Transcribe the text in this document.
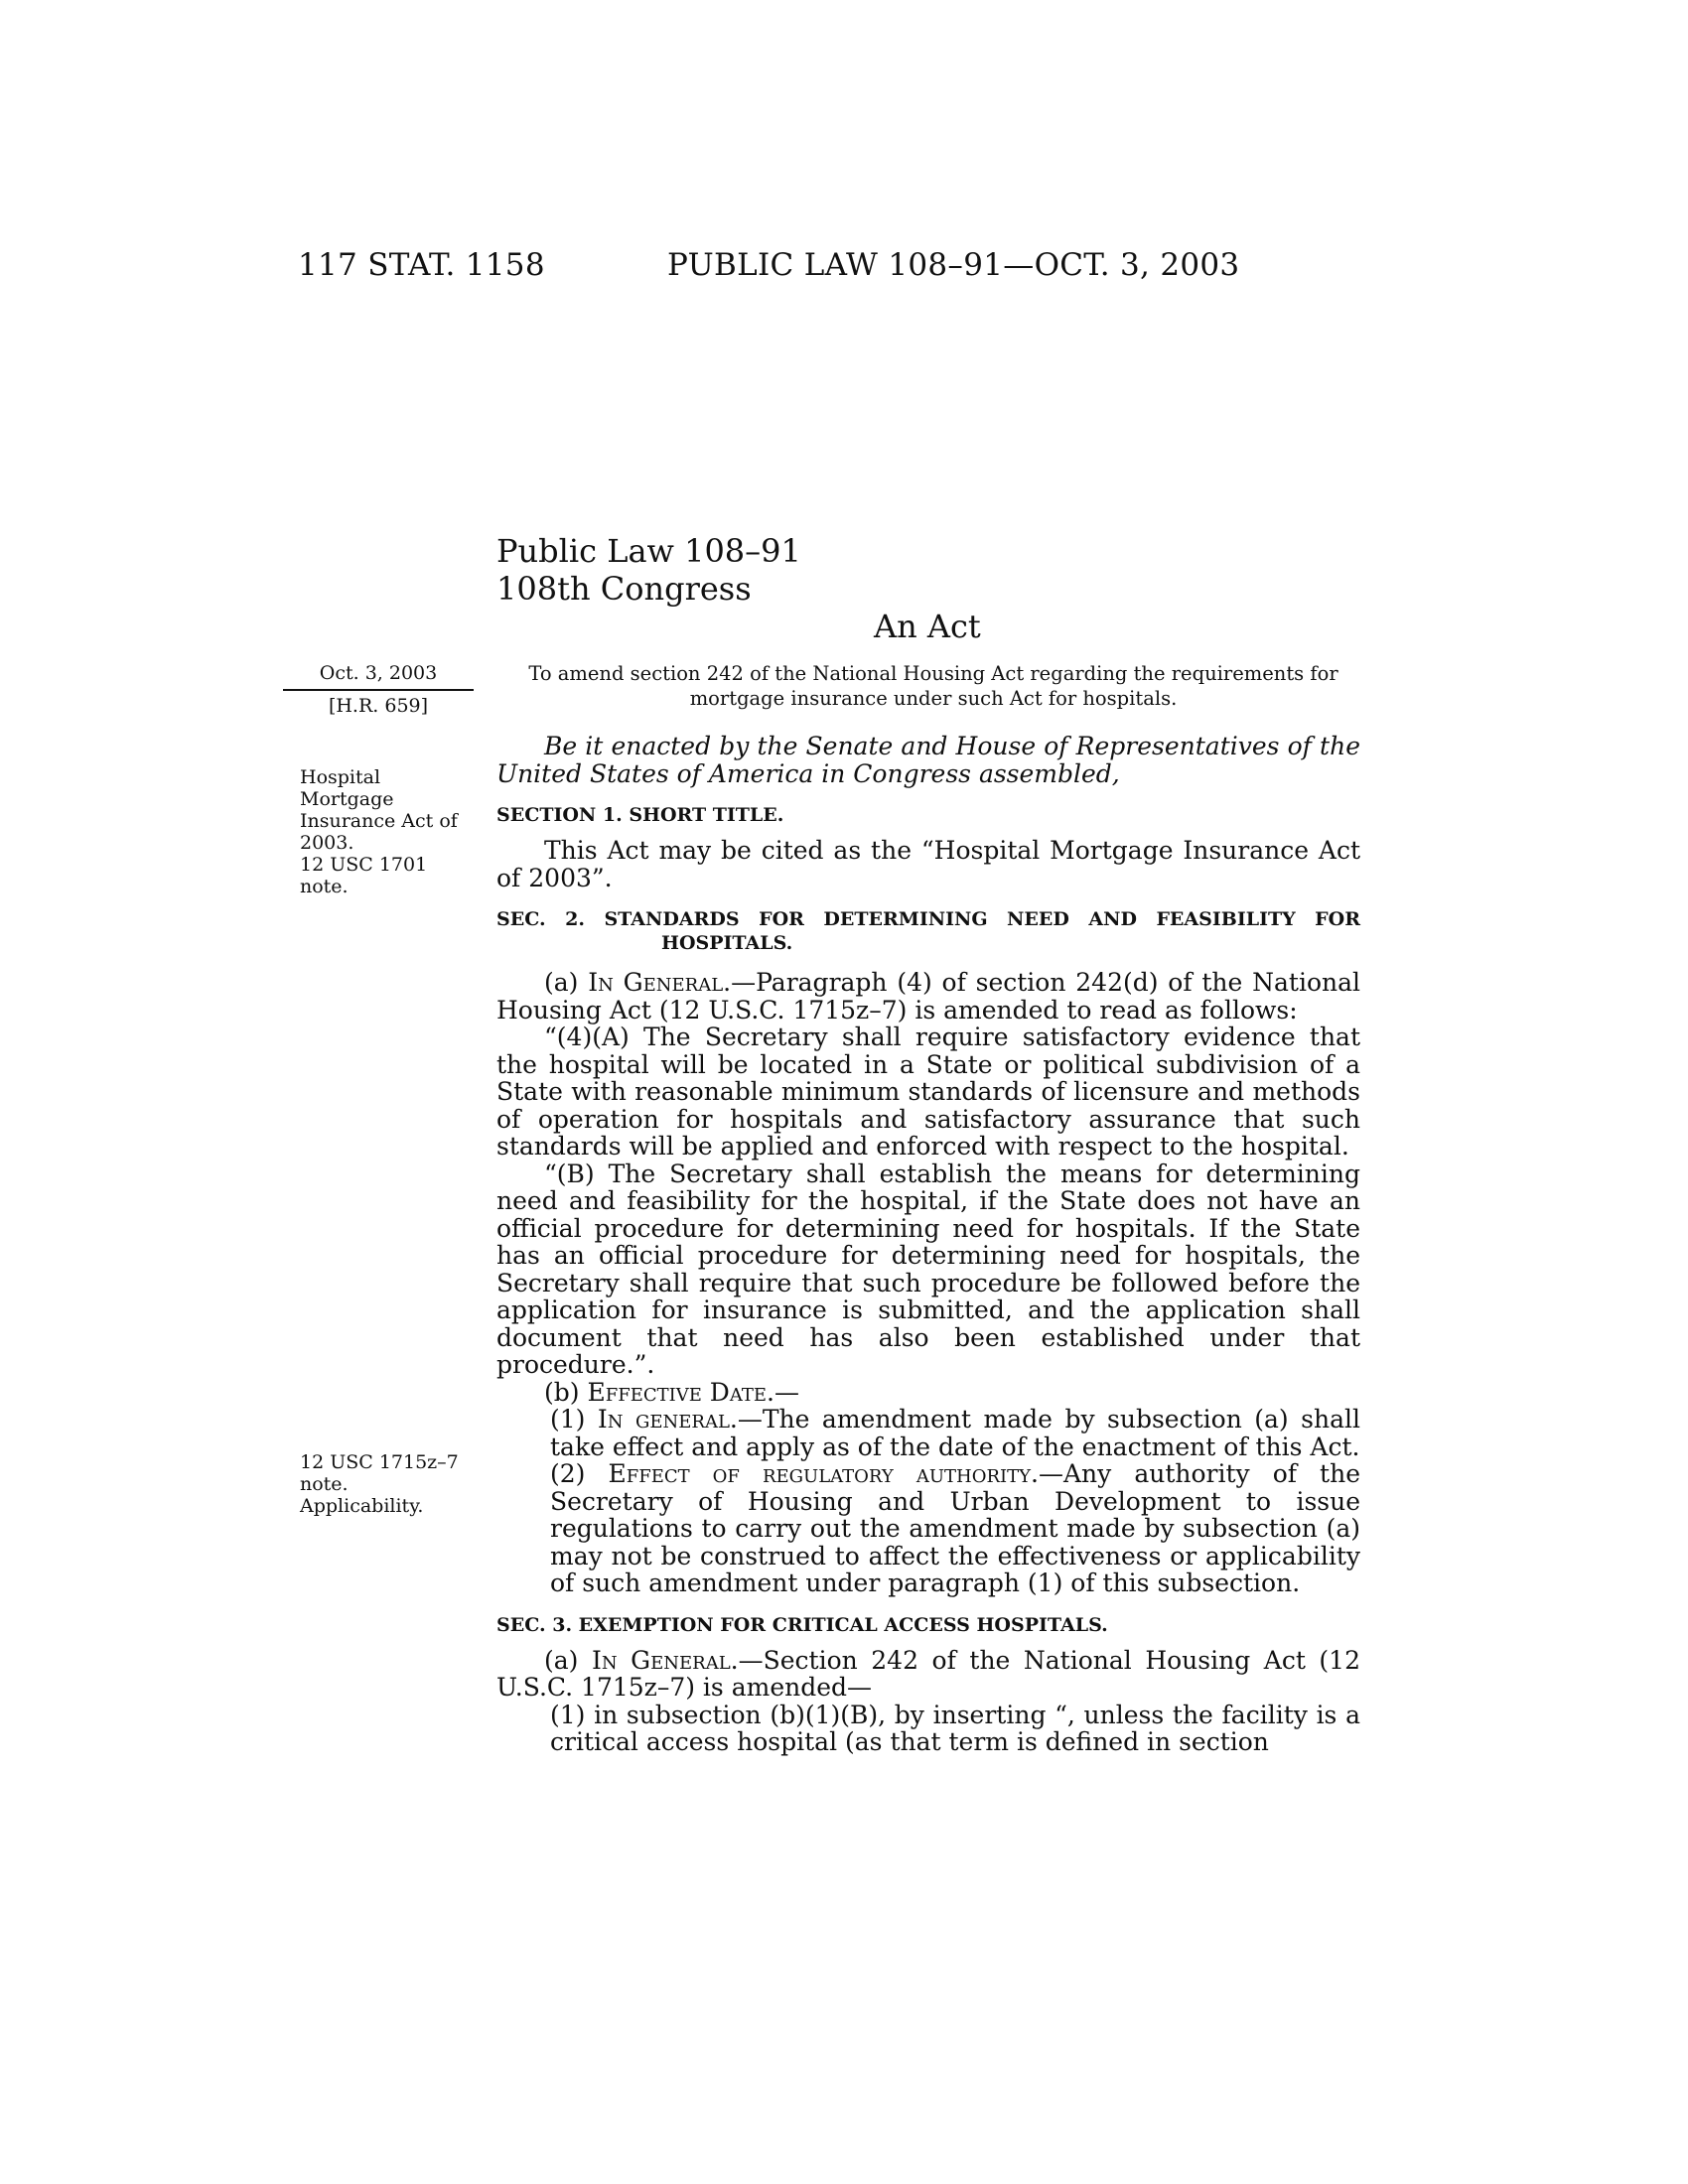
117 STAT. 1158	PUBLIC LAW 108–91—OCT. 3, 2003
Public Law 108–91
108th Congress
An Act
Oct. 3, 2003
[H.R. 659]
To amend section 242 of the National Housing Act regarding the requirements for mortgage insurance under such Act for hospitals.
Hospital
Mortgage
Insurance Act of
2003.
12 USC 1701
note.
12 USC 1715z–7
note.
Applicability.

Be it enacted by the Senate and House of Representatives of the United States of America in Congress assembled,

SECTION 1. SHORT TITLE.

This Act may be cited as the “Hospital Mortgage Insurance Act of 2003”.

SEC. 2. STANDARDS FOR DETERMINING NEED AND FEASIBILITY FOR HOSPITALS.

(a) In General.—Paragraph (4) of section 242(d) of the National Housing Act (12 U.S.C. 1715z–7) is amended to read as follows:

“(4)(A) The Secretary shall require satisfactory evidence that the hospital will be located in a State or political subdivision of a State with reasonable minimum standards of licensure and methods of operation for hospitals and satisfactory assurance that such standards will be applied and enforced with respect to the hospital.

“(B) The Secretary shall establish the means for determining need and feasibility for the hospital, if the State does not have an official procedure for determining need for hospitals. If the State has an official procedure for determining need for hospitals, the Secretary shall require that such procedure be followed before the application for insurance is submitted, and the application shall document that need has also been established under that procedure.”.

(b) Effective Date.—

(1) In general.—The amendment made by subsection (a) shall take effect and apply as of the date of the enactment of this Act.

(2) Effect of regulatory authority.—Any authority of the Secretary of Housing and Urban Development to issue regulations to carry out the amendment made by subsection (a) may not be construed to affect the effectiveness or applicability of such amendment under paragraph (1) of this subsection.

SEC. 3. EXEMPTION FOR CRITICAL ACCESS HOSPITALS.

(a) In General.—Section 242 of the National Housing Act (12 U.S.C. 1715z–7) is amended—

(1) in subsection (b)(1)(B), by inserting “, unless the facility is a critical access hospital (as that term is defined in section
